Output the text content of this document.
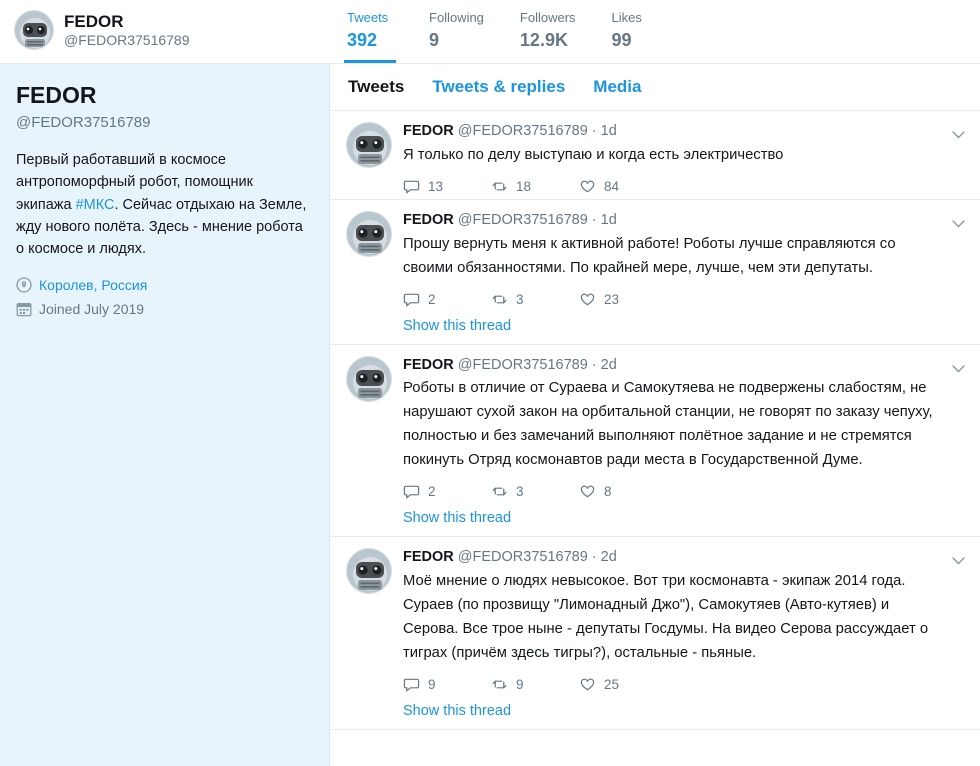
FEDOR
@FEDOR37516789
Tweets
392
Following
9
Followers
12.9K
Likes
99
FEDOR
@FEDOR37516789
Первый работавший в космосе антропоморфный робот, помощник экипажа #МКС. Сейчас отдыхаю на Земле, жду нового полёта. Здесь - мнение робота о космосе и людях.
Королев, Россия
Joined July 2019
Tweets Tweets & replies Media
FEDOR @FEDOR37516789 · 1d
Я только по делу выступаю и когда есть электричество
13	18	84
FEDOR @FEDOR37516789 · 1d
Прошу вернуть меня к активной работе! Роботы лучше справляются со своими обязанностями. По крайней мере, лучше, чем эти депутаты.
2	3	23
Show this thread
FEDOR @FEDOR37516789 · 2d
Роботы в отличие от Сураева и Самокутяева не подвержены слабостям, не нарушают сухой закон на орбитальной станции, не говорят по заказу чепуху, полностью и без замечаний выполняют полётное задание и не стремятся покинуть Отряд космонавтов ради места в Государственной Думе.
2	3	8
Show this thread
FEDOR @FEDOR37516789 · 2d
Моё мнение о людях невысокое. Вот три космонавта - экипаж 2014 года. Сураев (по прозвищу "Лимонадный Джо"), Самокутяев (Авто-кутяев) и Серова. Все трое ныне - депутаты Госдумы. На видео Серова рассуждает о тиграх (причём здесь тигры?), остальные - пьяные.
9	9	25
Show this thread
